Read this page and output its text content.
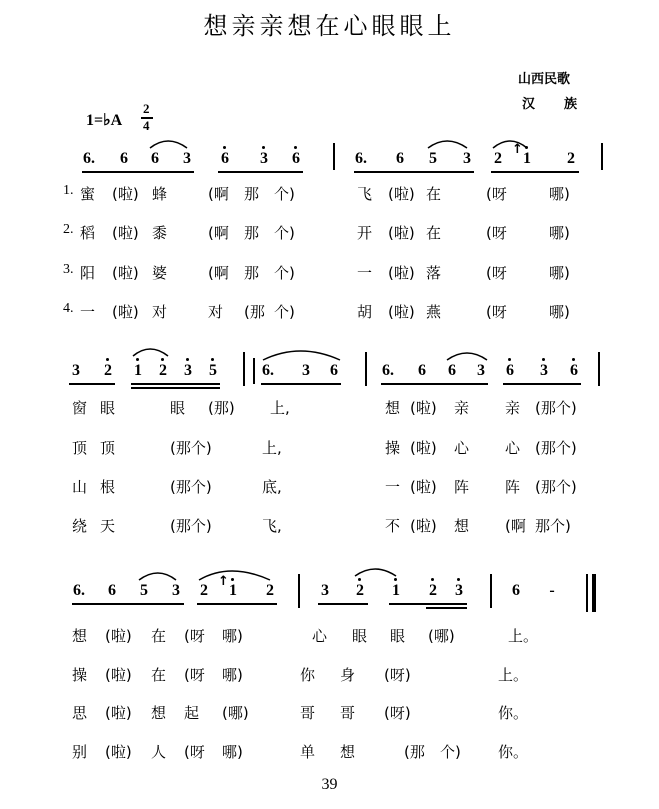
想亲亲想在心眼眼上
山西民歌
汉　族
1=♭A
2
4
6. 6 6 3 6 3 6	6. 6 5 3 2 1 2
↑
1.
2.
3.
4.
蜜 (啦) 蜂	(啊 那 个)	飞 (啦) 在	(呀	哪)
稻 (啦) 黍	(啊 那 个)	开 (啦) 在	(呀	哪)
阳 (啦) 婆	(啊 那 个)	一 (啦) 落	(呀	哪)
一 (啦) 对	对 (那 个)	胡 (啦) 燕	(呀	哪)
3 2 1 2 3 5	6. 3 6	6. 6 6 3 6 3 6
窗 眼	眼 (那) 上,	想 (啦) 亲 亲 (那个)
顶 顶	(那个)	上,	操 (啦) 心 心 (那个)
山 根	(那个)	底,	一 (啦) 阵 阵 (那个)
绕 天	(那个)	飞,	不 (啦) 想 (啊 那个)
6. 6 5 3 2 1 2	3 2 1 2 3	6 -
↑
想 (啦) 在 (呀 哪)	心 眼 眼 (哪)	上。
操 (啦) 在 (呀 哪)	你 身 (呀)	上。
思 (啦) 想 起 (哪)	哥 哥 (呀)	你。
别 (啦) 人 (呀 哪)	单 想	(那 个) 你。
39
